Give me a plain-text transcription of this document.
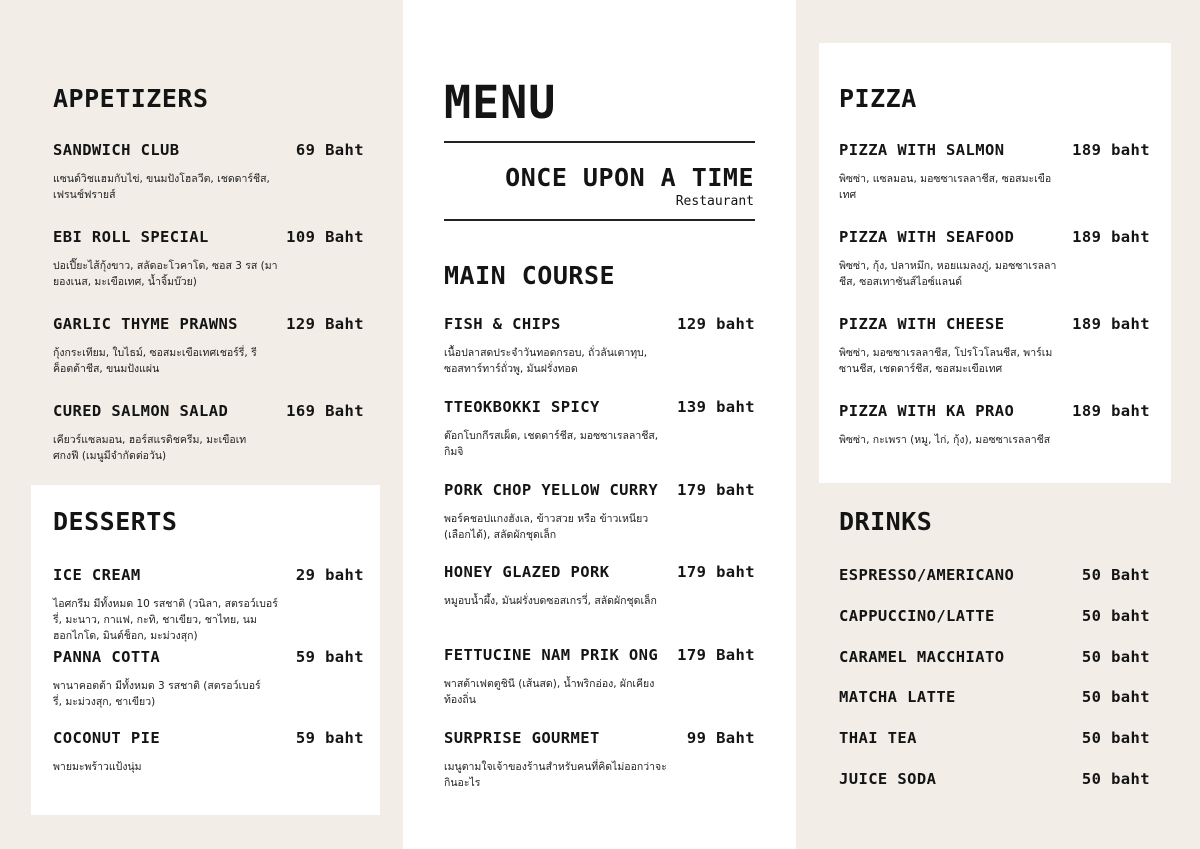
APPETIZERS
SANDWICH CLUB	69 Baht
แซนด์วิชแฮมกับไข่, ขนมปังโฮลวีต, เชดดาร์ชีส, เฟรนช์ฟรายส์
EBI ROLL SPECIAL	109 Baht
ปอเปี๊ยะไส้กุ้งขาว, สลัดอะโวคาโด, ซอส 3 รส (มายองเนส, มะเขือเทศ, น้ำจิ้มบ๊วย)
GARLIC THYME PRAWNS	129 Baht
กุ้งกระเทียม, ใบไธม์, ซอสมะเขือเทศเชอร์รี่, รีค็อตต้าชีส, ขนมปังแผ่น
CURED SALMON SALAD	169 Baht
เคียวร์แซลมอน, ฮอร์สแรดิชครีม, มะเขือเทศกงฟี (เมนูมีจำกัดต่อวัน)
DESSERTS
ICE CREAM	29 baht
ไอศกรีม มีทั้งหมด 10 รสชาติ (วนิลา, สตรอว์เบอร์รี่, มะนาว, กาแฟ, กะทิ, ชาเขียว, ชาไทย, นมฮอกไกโด, มินต์ช็อก, มะม่วงสุก)
PANNA COTTA	59 baht
พานาคอตต้า มีทั้งหมด 3 รสชาติ (สตรอว์เบอร์รี่, มะม่วงสุก, ชาเขียว)
COCONUT PIE	59 baht
พายมะพร้าวแป้งนุ่ม
MENU
ONCE UPON A TIME
Restaurant
MAIN COURSE
FISH & CHIPS	129 baht
เนื้อปลาสดประจำวันทอดกรอบ, ถั่วลันเตาทุบ, ซอสทาร์ทาร์ถั่วพู, มันฝรั่งทอด
TTEOKBOKKI SPICY	139 baht
ต๊อกโบกกีรสเผ็ด, เชดดาร์ชีส, มอซซาเรลลาชีส, กิมจิ
PORK CHOP YELLOW CURRY 179 baht
พอร์คชอปแกงฮังเล, ข้าวสวย หรือ ข้าวเหนียว (เลือกได้), สลัดผักชุดเล็ก
HONEY GLAZED PORK	179 baht
หมูอบน้ำผึ้ง, มันฝรั่งบดซอสเกรวี่, สลัดผักชุดเล็ก
FETTUCINE NAM PRIK ONG 179 Baht
พาสต้าเฟตตูชินี (เส้นสด), น้ำพริกอ่อง, ผักเคียงท้องถิ่น
SURPRISE GOURMET	99 Baht
เมนูตามใจเจ้าของร้านสำหรับคนที่คิดไม่ออกว่าจะกินอะไร
PIZZA
PIZZA WITH SALMON	189 baht
พิซซ่า, แซลมอน, มอซซาเรลลาชีส, ซอสมะเขือเทศ
PIZZA WITH SEAFOOD	189 baht
พิซซ่า, กุ้ง, ปลาหมึก, หอยแมลงภู่, มอซซาเรลลาชีส, ซอสเทาซันส์ไอซ์แลนด์
PIZZA WITH CHEESE	189 baht
พิซซ่า, มอซซาเรลลาชีส, โปรโวโลนชีส, พาร์เมซานชีส, เชดดาร์ชีส, ซอสมะเขือเทศ
PIZZA WITH KA PRAO	189 baht
พิซซ่า, กะเพรา (หมู, ไก่, กุ้ง), มอซซาเรลลาชีส
DRINKS
ESPRESSO/AMERICANO	50 Baht
CAPPUCCINO/LATTE	50 baht
CARAMEL MACCHIATO	50 baht
MATCHA LATTE	50 baht
THAI TEA	50 baht
JUICE SODA	50 baht
